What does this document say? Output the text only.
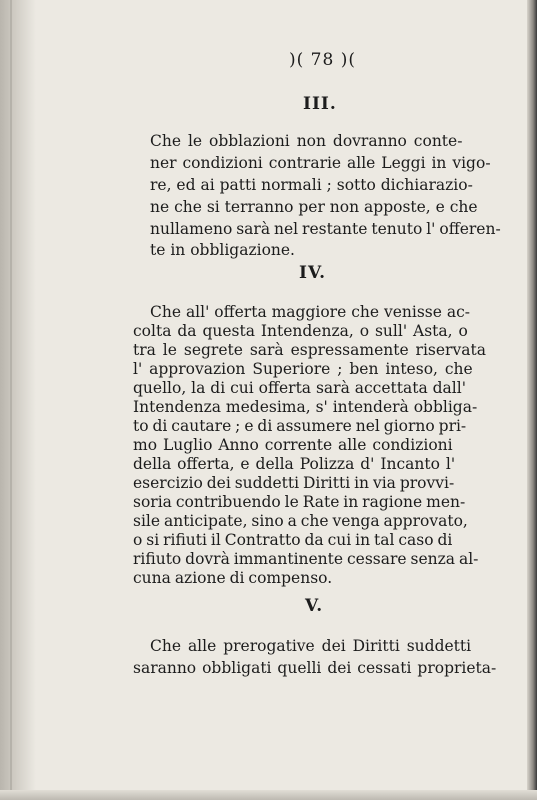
)( 78 )(
III.
Che le obblazioni non dovranno conte-
ner condizioni contrarie alle Leggi in vigo-
re, ed ai patti normali ; sotto dichiarazio-
ne che si terranno per non apposte, e che
nullameno sarà nel restante tenuto l' offeren-
te in obbligazione.
IV.
Che all' offerta maggiore che venisse ac-
colta da questa Intendenza, o sull' Asta, o
tra le segrete sarà espressamente riservata
l' approvazion Superiore ; ben inteso, che
quello, la di cui offerta sarà accettata dall'
Intendenza medesima, s' intenderà obbliga-
to di cautare ; e di assumere nel giorno pri-
mo Luglio Anno corrente alle condizioni
della offerta, e della Polizza d' Incanto l'
esercizio dei suddetti Diritti in via provvi-
soria contribuendo le Rate in ragione men-
sile anticipate, sino a che venga approvato,
o si rifiuti il Contratto da cui in tal caso di
rifiuto dovrà immantinente cessare senza al-
cuna azione di compenso.
V.
Che alle prerogative dei Diritti suddetti
saranno obbligati quelli dei cessati proprieta-
